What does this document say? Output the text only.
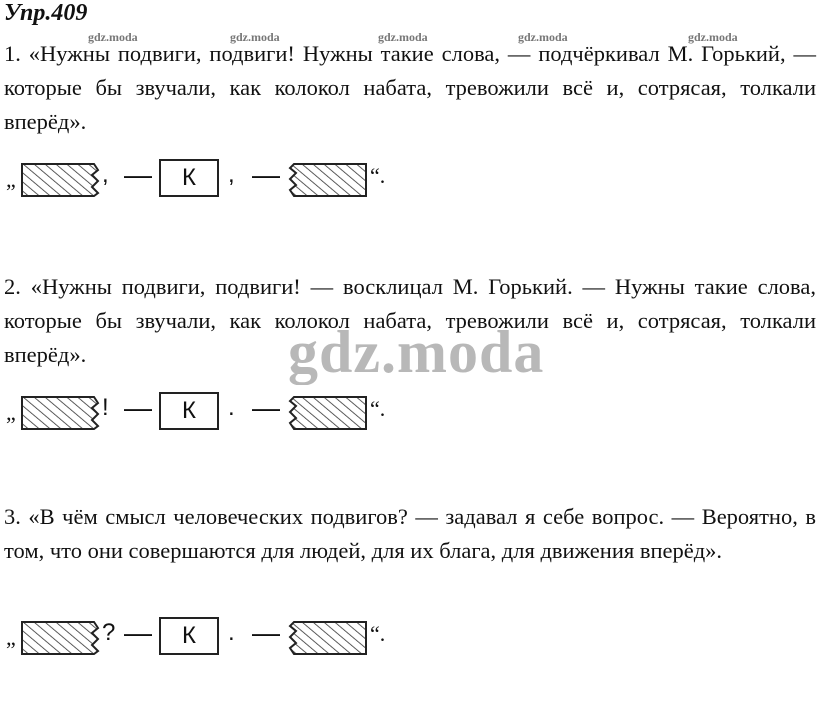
Упр.409
gdz.moda	gdz.moda	gdz.moda	gdz.moda	gdz.moda
1. «Нужны подвиги, подвиги! Нужны такие слова, — подчёркивал М. Горький, — которые бы звучали, как колокол набата, тревожили всё и, сотрясая, толкали вперёд».
„	, — К , —	“.
2. «Нужны подвиги, подвиги! — восклицал М. Горький. — Нужны такие слова, которые бы звучали, как колокол набата, тревожили всё и, сотрясая, толкали вперёд».	gdz.moda
„	! — К . —	“.
3. «В чём смысл человеческих подвигов? — задавал я себе вопрос. — Вероятно, в том, что они совершаются для людей, для их блага, для движения вперёд».
„	? — К . —	“.
